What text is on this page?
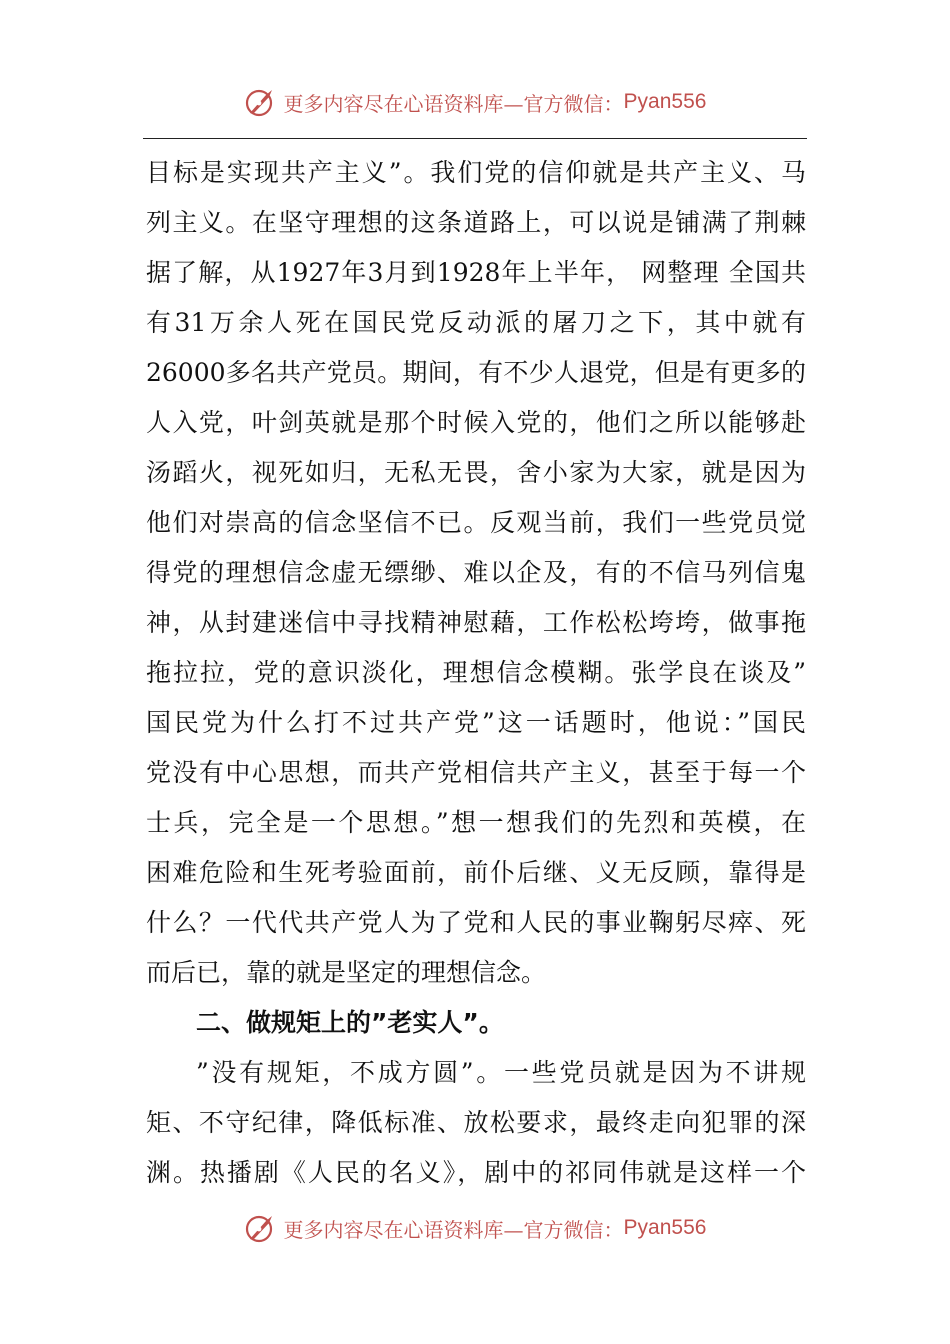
更多内容尽在心语资料库—官方微信： Pyan556
目标是实现共产主义”。我们党的信仰就是共产主义、马
列主义。在坚守理想的这条道路上，可以说是铺满了荆棘
据了解，从1927年3月到1928年上半年， 网整理 全国共
有31万余人死在国民党反动派的屠刀之下，其中就有
26000多名共产党员。期间，有不少人退党，但是有更多的
人入党，叶剑英就是那个时候入党的，他们之所以能够赴
汤蹈火，视死如归，无私无畏，舍小家为大家，就是因为
他们对崇高的信念坚信不已。反观当前，我们一些党员觉
得党的理想信念虚无缥缈、难以企及，有的不信马列信鬼
神，从封建迷信中寻找精神慰藉，工作松松垮垮，做事拖
拖拉拉，党的意识淡化，理想信念模糊。张学良在谈及”
国民党为什么打不过共产党”这一话题时，他说：”国民
党没有中心思想，而共产党相信共产主义，甚至于每一个
士兵，完全是一个思想。”想一想我们的先烈和英模，在
困难危险和生死考验面前，前仆后继、义无反顾，靠得是
什么？一代代共产党人为了党和人民的事业鞠躬尽瘁、死
而后已，靠的就是坚定的理想信念。
二、做规矩上的”老实人”。
”没有规矩，不成方圆”。一些党员就是因为不讲规
矩、不守纪律，降低标准、放松要求，最终走向犯罪的深
渊。热播剧《人民的名义》，剧中的祁同伟就是这样一个
更多内容尽在心语资料库—官方微信： Pyan556
